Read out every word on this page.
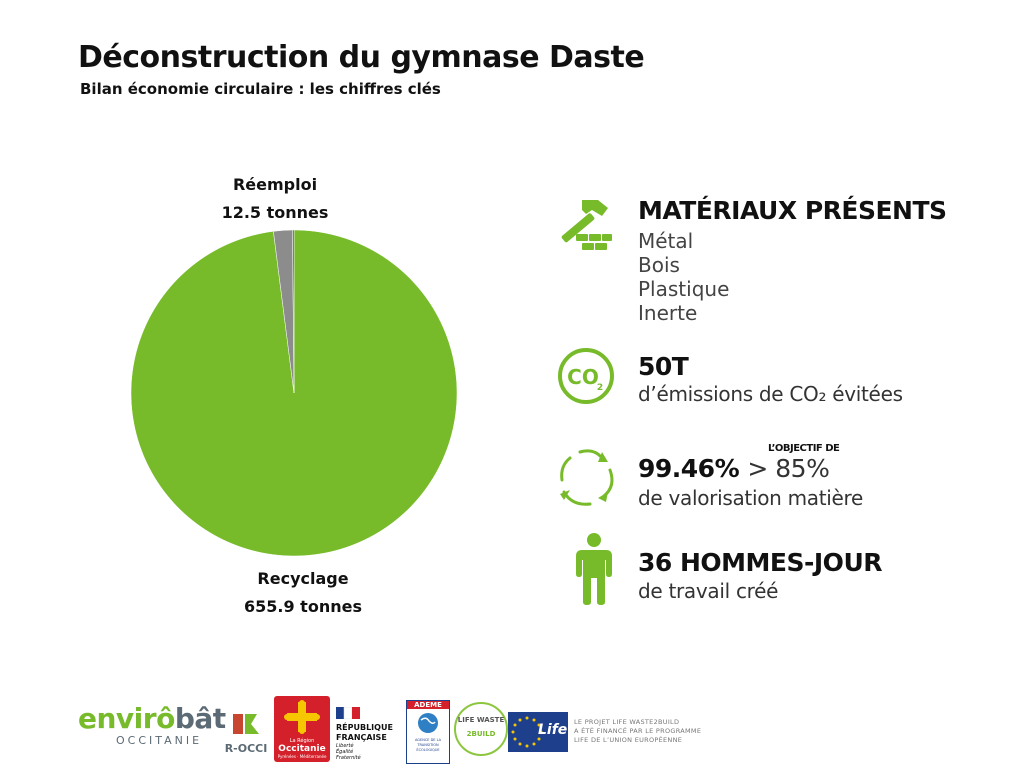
Déconstruction du gymnase Daste
Bilan économie circulaire : les chiffres clés
Réemploi
12.5 tonnes
Recyclage
655.9 tonnes
MATÉRIAUX PRÉSENTS
Métal
Bois
Plastique
Inerte
CO
2
50T
d’émissions de CO₂ évitées
L’OBJECTIF DE
99.46% > 85%
de valorisation matière
36 HOMMES-JOUR
de travail créé
envirôbât
OCCITANIE
R-OCCI
La Région
Occitanie
Pyrénées · Méditerranée
RÉPUBLIQUE
FRANÇAISE
Liberté Égalité Fraternité
ADEME
AGENCE DE LA TRANSITION ÉCOLOGIQUE
LIFE WASTE
2BUILD	Life LE PROJET LIFE WASTE2BUILD
A ÉTÉ FINANCÉ PAR LE PROGRAMME
LIFE DE L’UNION EUROPÉENNE
